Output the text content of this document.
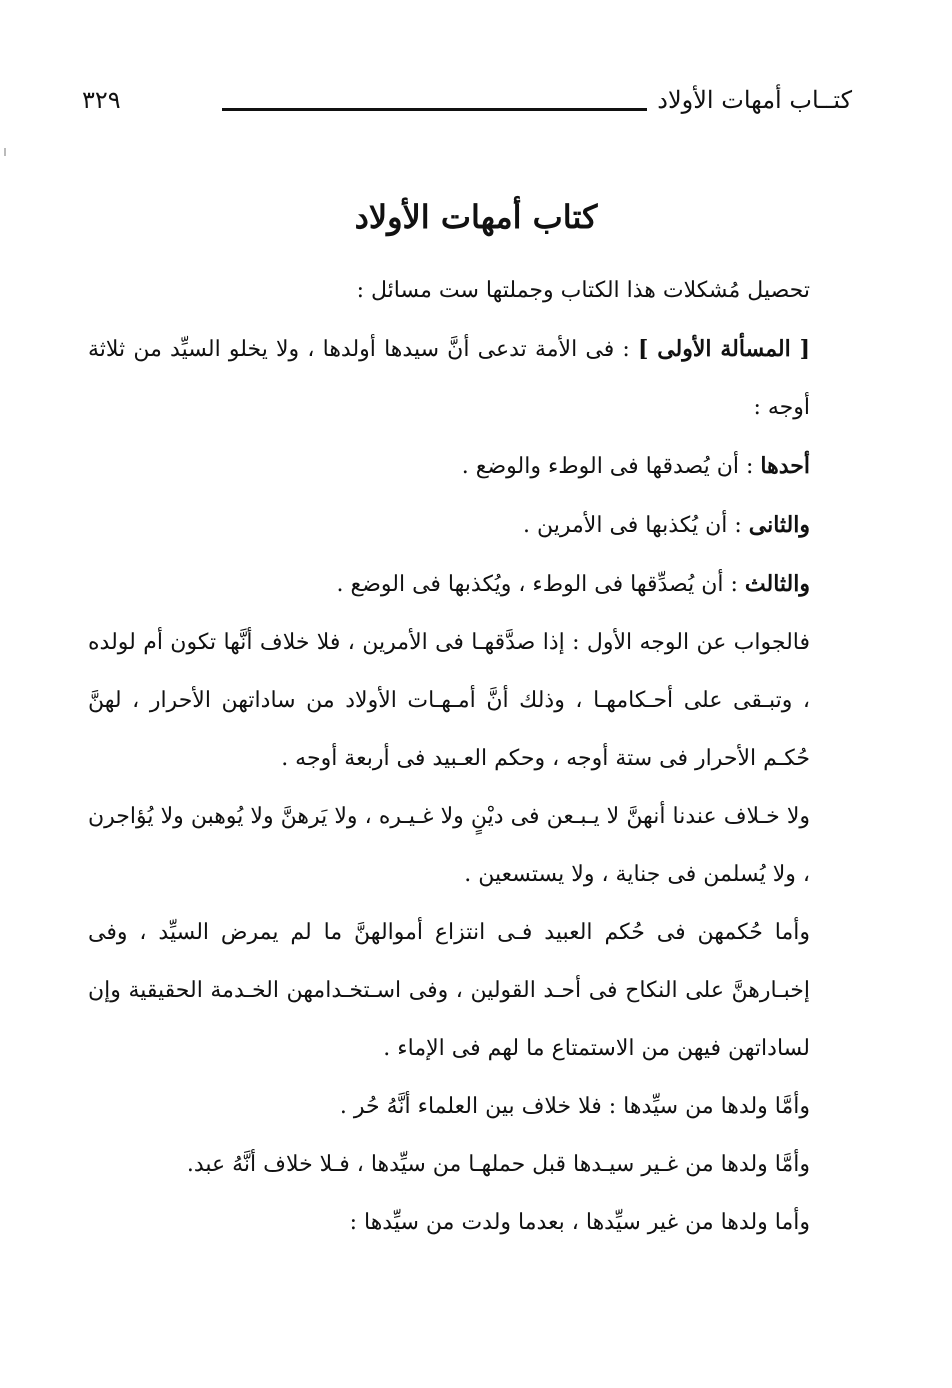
كتــاب أمهات الأولاد
٣٢٩
كتاب أمهات الأولاد

تحصيل مُشكلات هذا الكتاب وجملتها ست مسائل :

[ المسألة الأولى ] : فى الأمة تدعى أنَّ سيدها أولدها ، ولا يخلو السيِّد من ثلاثة أوجه :

أحدها : أن يُصدقها فى الوطء والوضع .

والثانى : أن يُكذبها فى الأمرين .

والثالث : أن يُصدِّقها فى الوطء ، ويُكذبها فى الوضع .

فالجواب عن الوجه الأول : إذا صدَّقهـا فى الأمرين ، فلا خلاف أنَّها تكون أم لولده ، وتبـقى على أحـكامهـا ، وذلك أنَّ أمـهـات الأولاد من ساداتهن الأحرار ، لهنَّ حُكـم الأحرار فى ستة أوجه ، وحكم العـبيد فى أربعة أوجه .

ولا خـلاف عندنا أنهنَّ لا يـبـعن فى ديْنٍ ولا غـيـره ، ولا يَرهنَّ ولا يُوهبن ولا يُؤاجرن ، ولا يُسلمن فى جناية ، ولا يستسعين .

وأما حُكمهن فى حُكم العبيد فـى انتزاع أموالهنَّ ما لم يمرض السيِّد ، وفى إخبـارهنَّ على النكاح فى أحـد القولين ، وفى اسـتخـدامهن الخـدمة الحقيقية وإن لساداتهن فيهن من الاستمتاع ما لهم فى الإماء .

وأمَّا ولدها من سيِّدها : فلا خلاف بين العلماء أنَّهُ حُر .

وأمَّا ولدها من غـير سيـدها قبل حملهـا من سيِّدها ، فـلا خلاف أنَّهُ عبد.

وأما ولدها من غير سيِّدها ، بعدما ولدت من سيِّدها :
